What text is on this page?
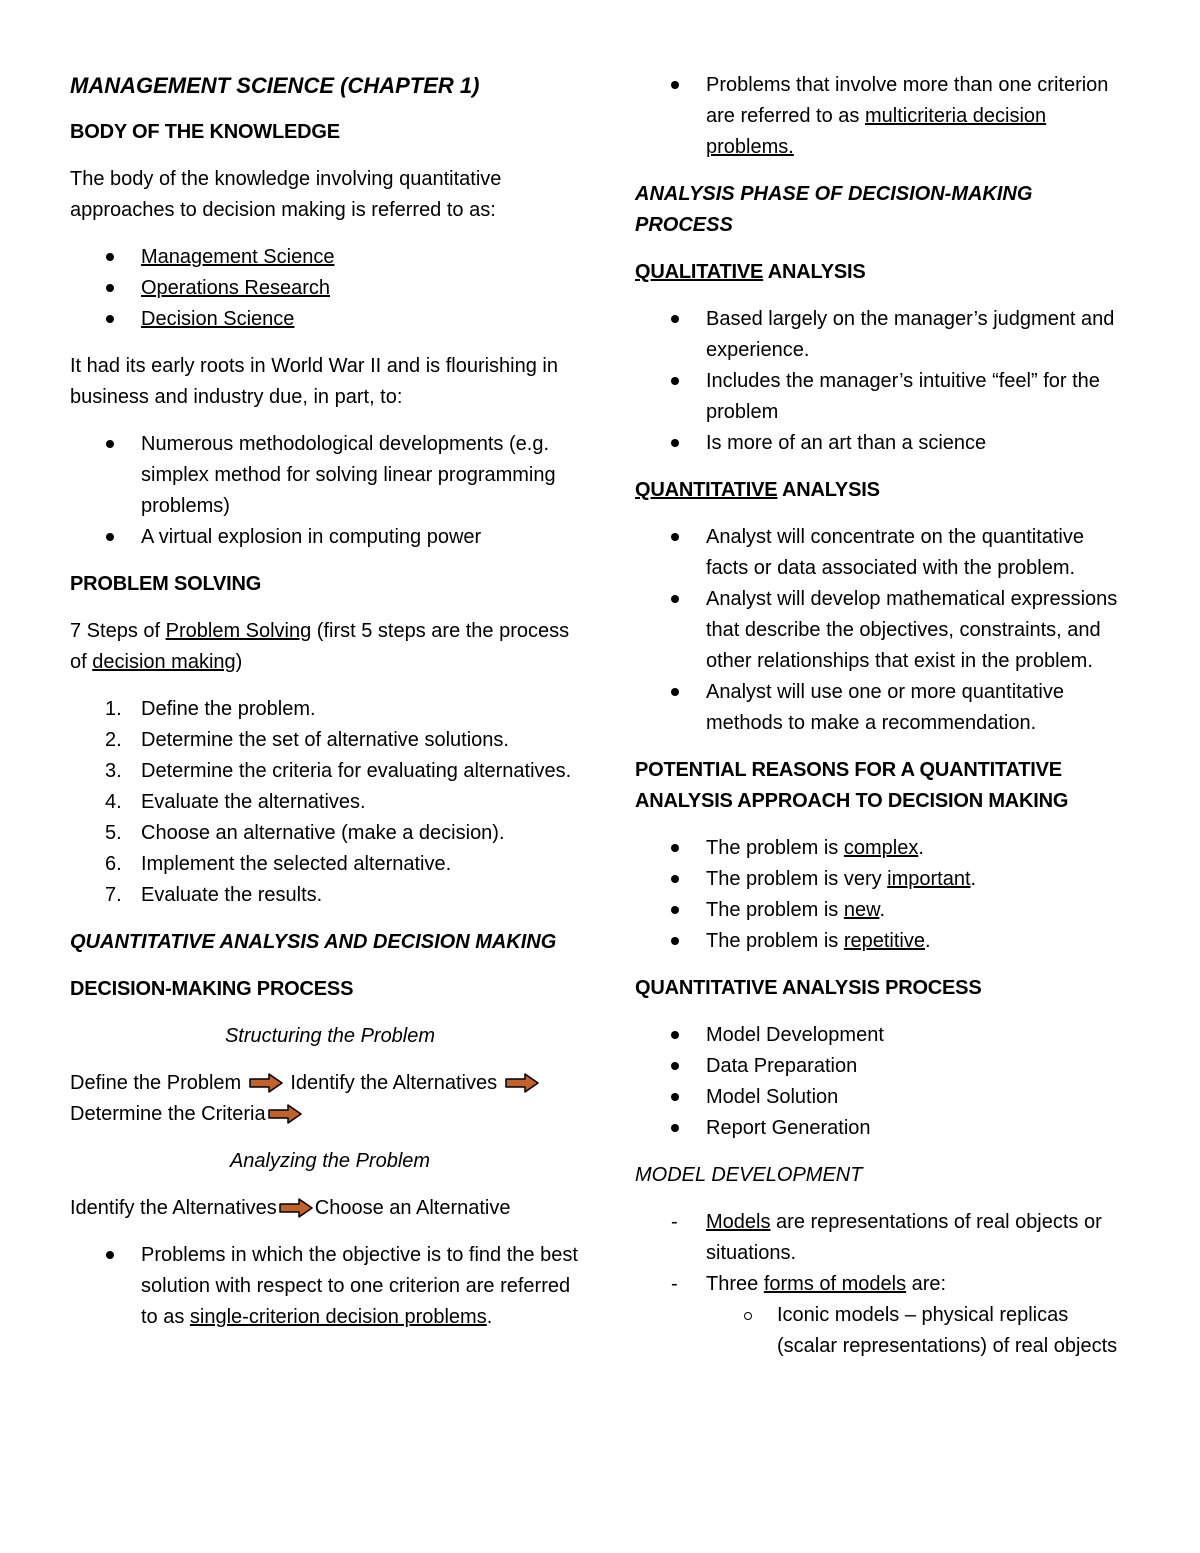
MANAGEMENT SCIENCE (CHAPTER 1)

BODY OF THE KNOWLEDGE

The body of the knowledge involving quantitative approaches to decision making is referred to as:

Management Science
Operations Research
Decision Science

It had its early roots in World War II and is flourishing in business and industry due, in part, to:

Numerous methodological developments (e.g. simplex method for solving linear programming problems)
A virtual explosion in computing power

PROBLEM SOLVING

7 Steps of Problem Solving (first 5 steps are the process of decision making)

1. Define the problem.
2. Determine the set of alternative solutions.
3. Determine the criteria for evaluating alternatives.
4. Evaluate the alternatives.
5. Choose an alternative (make a decision).
6. Implement the selected alternative.
7. Evaluate the results.

QUANTITATIVE ANALYSIS AND DECISION MAKING

DECISION-MAKING PROCESS

Structuring the Problem

Define the Problem Identify the Alternatives
Determine the Criteria

Analyzing the Problem

Identify the Alternatives Choose an Alternative

Problems in which the objective is to find the best solution with respect to one criterion are referred to as single-criterion decision problems.
Problems that involve more than one criterion are referred to as multicriteria decision problems.

ANALYSIS PHASE OF DECISION-MAKING PROCESS

QUALITATIVE ANALYSIS

Based largely on the manager’s judgment and experience.
Includes the manager’s intuitive “feel” for the problem
Is more of an art than a science

QUANTITATIVE ANALYSIS

Analyst will concentrate on the quantitative facts or data associated with the problem.
Analyst will develop mathematical expressions that describe the objectives, constraints, and other relationships that exist in the problem.
Analyst will use one or more quantitative methods to make a recommendation.

POTENTIAL REASONS FOR A QUANTITATIVE ANALYSIS APPROACH TO DECISION MAKING

The problem is complex.
The problem is very important.
The problem is new.
The problem is repetitive.

QUANTITATIVE ANALYSIS PROCESS

Model Development
Data Preparation
Model Solution
Report Generation

MODEL DEVELOPMENT

- Models are representations of real objects or situations.
- Three forms of models are:
Iconic models – physical replicas (scalar representations) of real objects
